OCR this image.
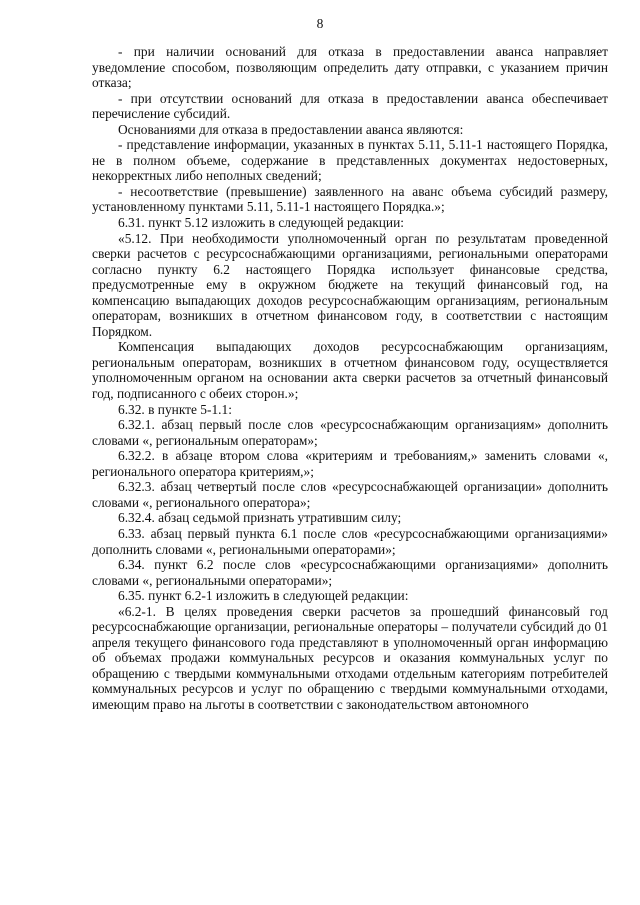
8

- при наличии оснований для отказа в предоставлении аванса направляет уведомление способом, позволяющим определить дату отправки, с указанием причин отказа;

- при отсутствии оснований для отказа в предоставлении аванса обеспечивает перечисление субсидий.

Основаниями для отказа в предоставлении аванса являются:

- представление информации, указанных в пунктах 5.11, 5.11-1 настоящего Порядка, не в полном объеме, содержание в представленных документах недостоверных, некорректных либо неполных сведений;

- несоответствие (превышение) заявленного на аванс объема субсидий размеру, установленному пунктами 5.11, 5.11-1 настоящего Порядка.»;

6.31. пункт 5.12 изложить в следующей редакции:

«5.12. При необходимости уполномоченный орган по результатам проведенной сверки расчетов с ресурсоснабжающими организациями, региональными операторами согласно пункту 6.2 настоящего Порядка использует финансовые средства, предусмотренные ему в окружном бюджете на текущий финансовый год, на компенсацию выпадающих доходов ресурсоснабжающим организациям, региональным операторам, возникших в отчетном финансовом году, в соответствии с настоящим Порядком.

Компенсация выпадающих доходов ресурсоснабжающим организациям, региональным операторам, возникших в отчетном финансовом году, осуществляется уполномоченным органом на основании акта сверки расчетов за отчетный финансовый год, подписанного с обеих сторон.»;

6.32. в пункте 5-1.1:

6.32.1. абзац первый после слов «ресурсоснабжающим организациям» дополнить словами «, региональным операторам»;

6.32.2. в абзаце втором слова «критериям и требованиям,» заменить словами «, регионального оператора критериям,»;

6.32.3. абзац четвертый после слов «ресурсоснабжающей организации» дополнить словами «, регионального оператора»;

6.32.4. абзац седьмой признать утратившим силу;

6.33. абзац первый пункта 6.1 после слов «ресурсоснабжающими организациями» дополнить словами «, региональными операторами»;

6.34. пункт 6.2 после слов «ресурсоснабжающими организациями» дополнить словами «, региональными операторами»;

6.35. пункт 6.2-1 изложить в следующей редакции:

«6.2-1. В целях проведения сверки расчетов за прошедший финансовый год ресурсоснабжающие организации, региональные операторы – получатели субсидий до 01 апреля текущего финансового года представляют в уполномоченный орган информацию об объемах продажи коммунальных ресурсов и оказания коммунальных услуг по обращению с твердыми коммунальными отходами отдельным категориям потребителей коммунальных ресурсов и услуг по обращению с твердыми коммунальными отходами, имеющим право на льготы в соответствии с законодательством автономного
